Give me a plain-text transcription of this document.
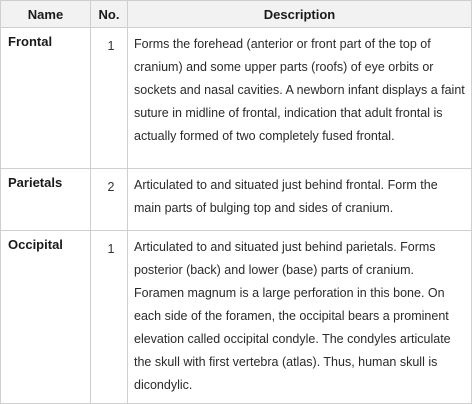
Name	No.	Description
Frontal	1	Forms the forehead (anterior or front part of the top of cranium) and some upper parts (roofs) of eye orbits or sockets and nasal cavities. A newborn infant displays a faint suture in midline of frontal, indication that adult frontal is actually formed of two completely fused frontal.
Parietals	2	Articulated to and situated just behind frontal. Form the main parts of bulging top and sides of cranium.
Occipital	1	Articulated to and situated just behind parietals. Forms posterior (back) and lower (base) parts of cranium. Foramen magnum is a large perforation in this bone. On each side of the foramen, the occipital bears a prominent elevation called occipital condyle. The condyles articulate the skull with first vertebra (atlas). Thus, human skull is dicondylic.
